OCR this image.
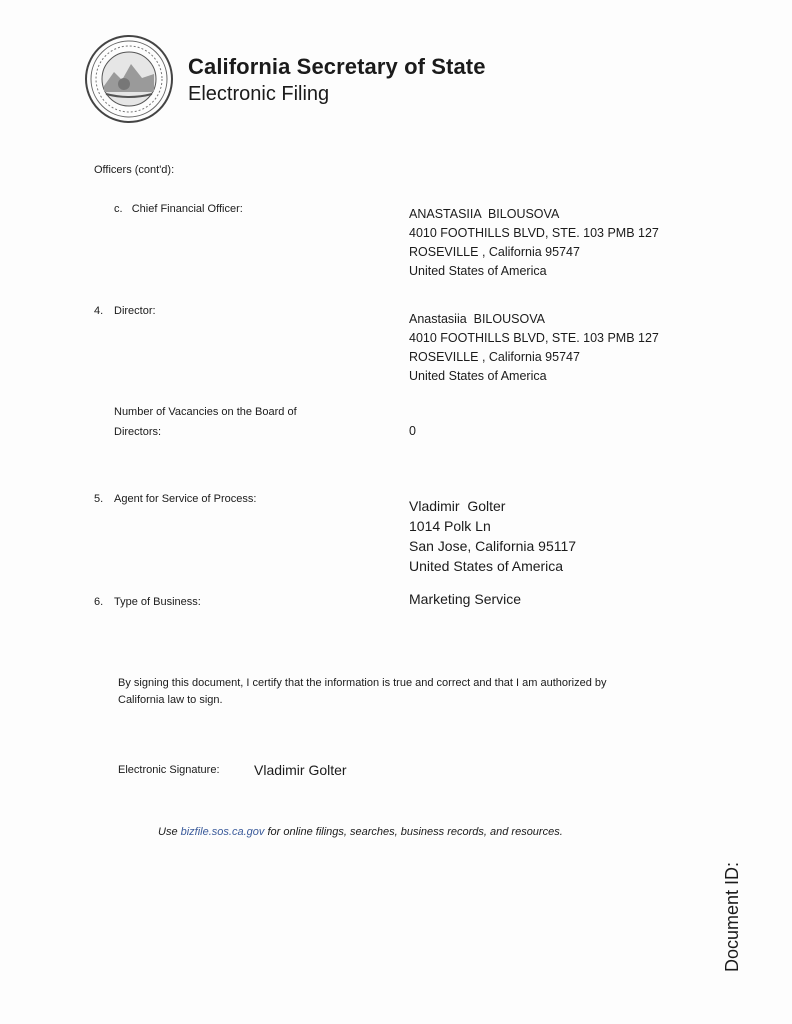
California Secretary of State
Electronic Filing
Officers (cont'd):
c.   Chief Financial Officer:	ANASTASIIA  BILOUSOVA
4010 FOOTHILLS BLVD, STE. 103 PMB 127
ROSEVILLE , California 95747
United States of America
4. Director:
Anastasiia  BILOUSOVA
4010 FOOTHILLS BLVD, STE. 103 PMB 127
ROSEVILLE , California 95747
United States of America
Number of Vacancies on the Board of
Directors:	0
5. Agent for Service of Process:	Vladimir  Golter
1014 Polk Ln
San Jose, California 95117
United States of America
6. Type of Business:	Marketing Service
By signing this document, I certify that the information is true and correct and that I am authorized by
California law to sign.
Electronic Signature: Vladimir Golter
Use bizfile.sos.ca.gov for online filings, searches, business records, and resources.
Document ID:
